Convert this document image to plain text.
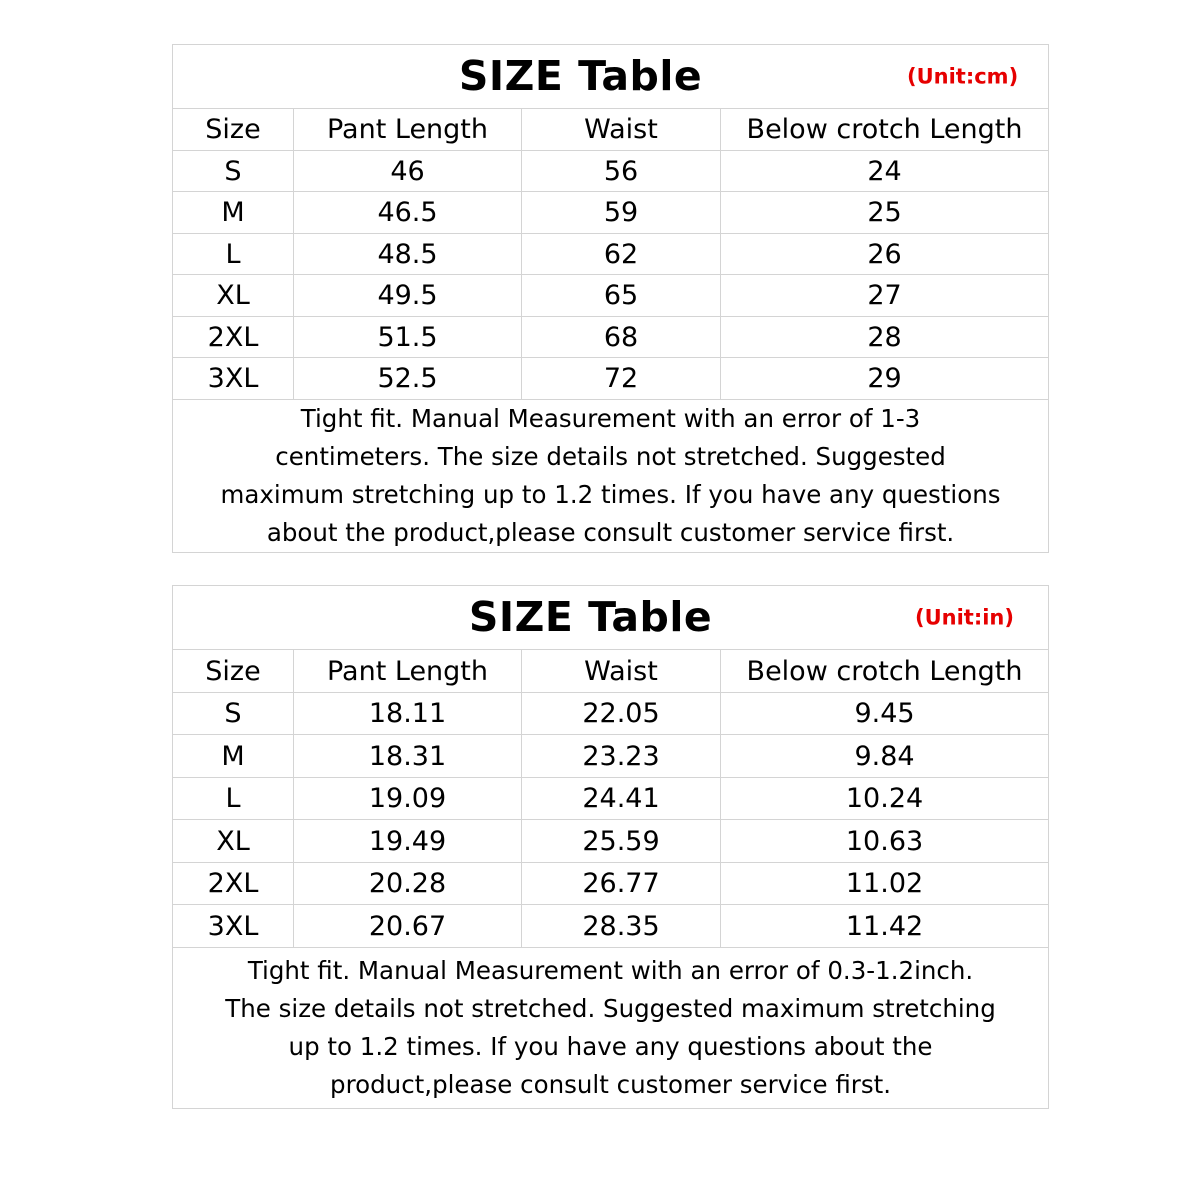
SIZE Table (Unit:cm)			

Size	Pant Length	Waist	Below crotch Length
S	46	56	24
M	46.5	59	25
L	48.5	62	26
XL	49.5	65	27
2XL	51.5	68	28
3XL	52.5	72	29

Tight fit. Manual Measurement with an error of 1-3
centimeters. The size details not stretched. Suggested
maximum stretching up to 1.2 times. If you have any questions
about the product,please consult customer service first.			
SIZE Table (Unit:in)			

Size	Pant Length	Waist	Below crotch Length
S	18.11	22.05	9.45
M	18.31	23.23	9.84
L	19.09	24.41	10.24
XL	19.49	25.59	10.63
2XL	20.28	26.77	11.02
3XL	20.67	28.35	11.42

Tight fit. Manual Measurement with an error of 0.3-1.2inch.
The size details not stretched. Suggested maximum stretching
up to 1.2 times. If you have any questions about the
product,please consult customer service first.			
